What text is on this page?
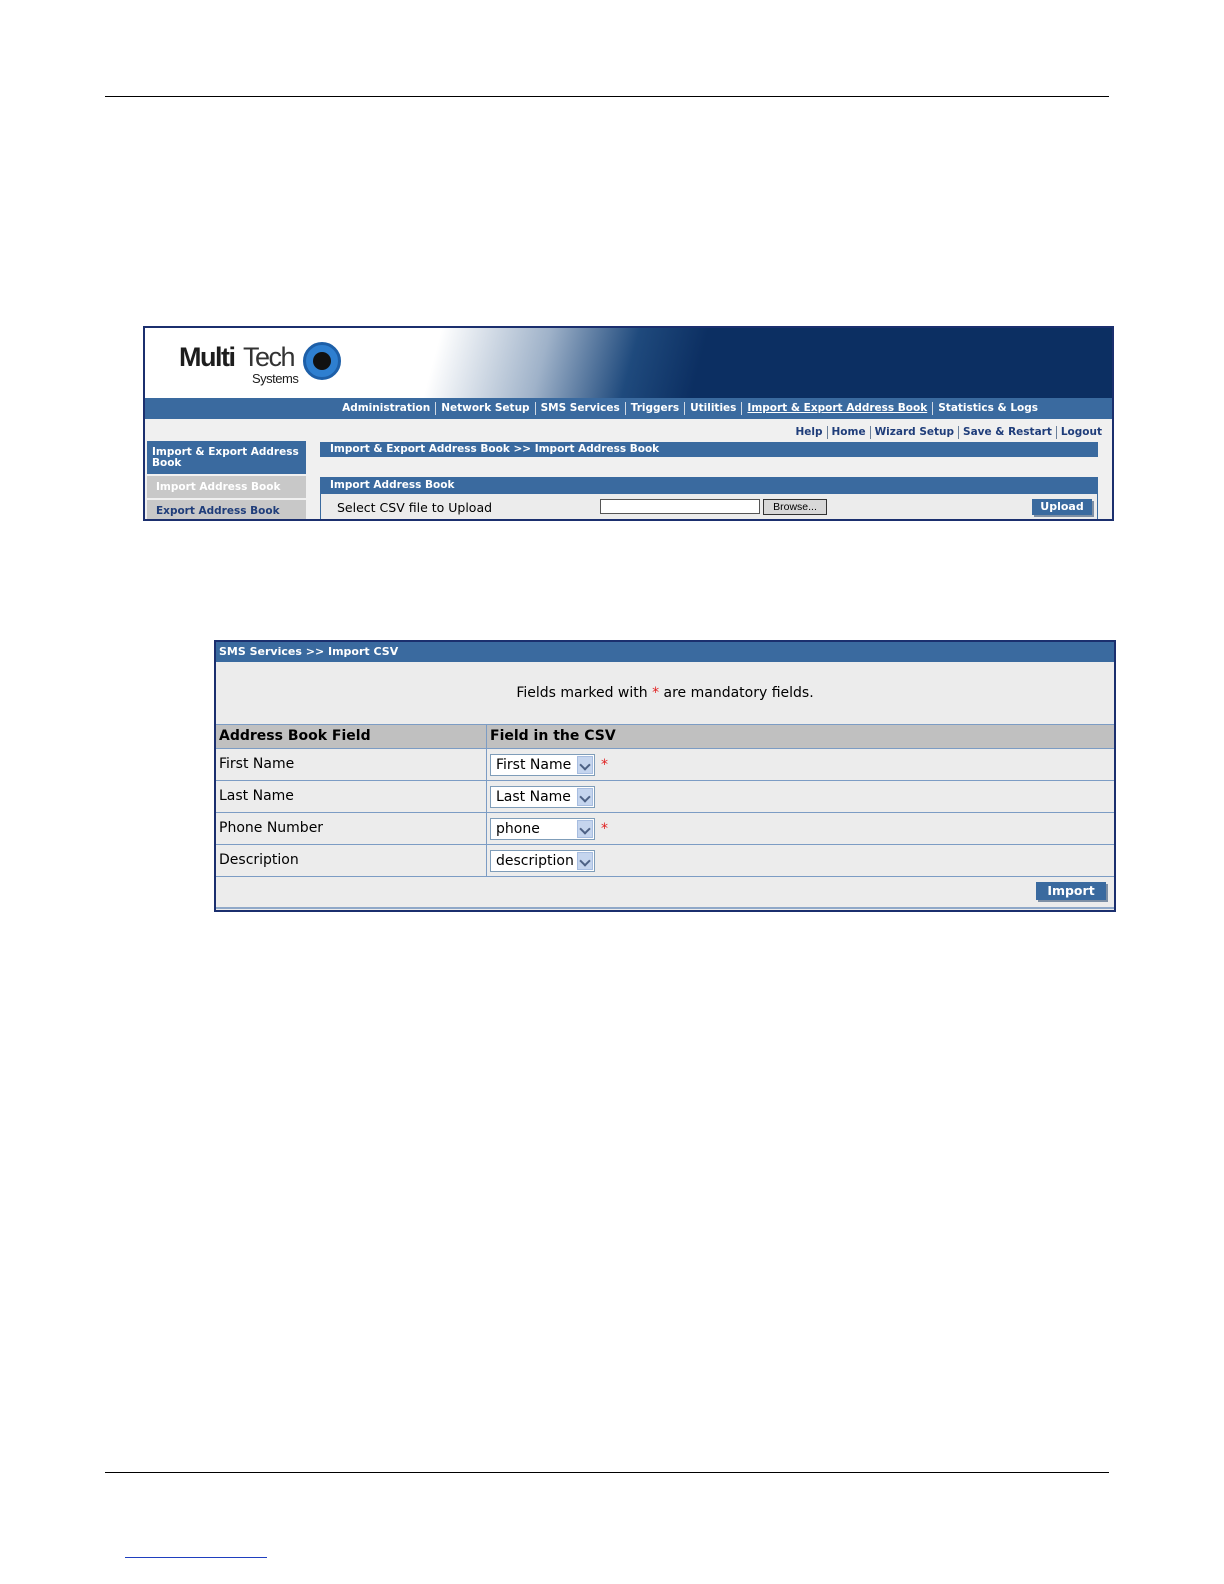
Multi Tech
Systems
Administration	Network Setup	SMS Services	Triggers	Utilities	Import & Export Address Book	Statistics & Logs
Help Home Wizard Setup Save & Restart Logout
Import & Export Address Book
Import Address Book
Export Address Book
Import & Export Address Book >> Import Address Book
Import Address Book
Select CSV file to Upload	Browse...	Upload
SMS Services >> Import CSV
Fields marked with * are mandatory fields.
Address Book Field	Field in the CSV
First Name	First Name	*
Last Name	Last Name
Phone Number	phone	*
Description	description
Import
